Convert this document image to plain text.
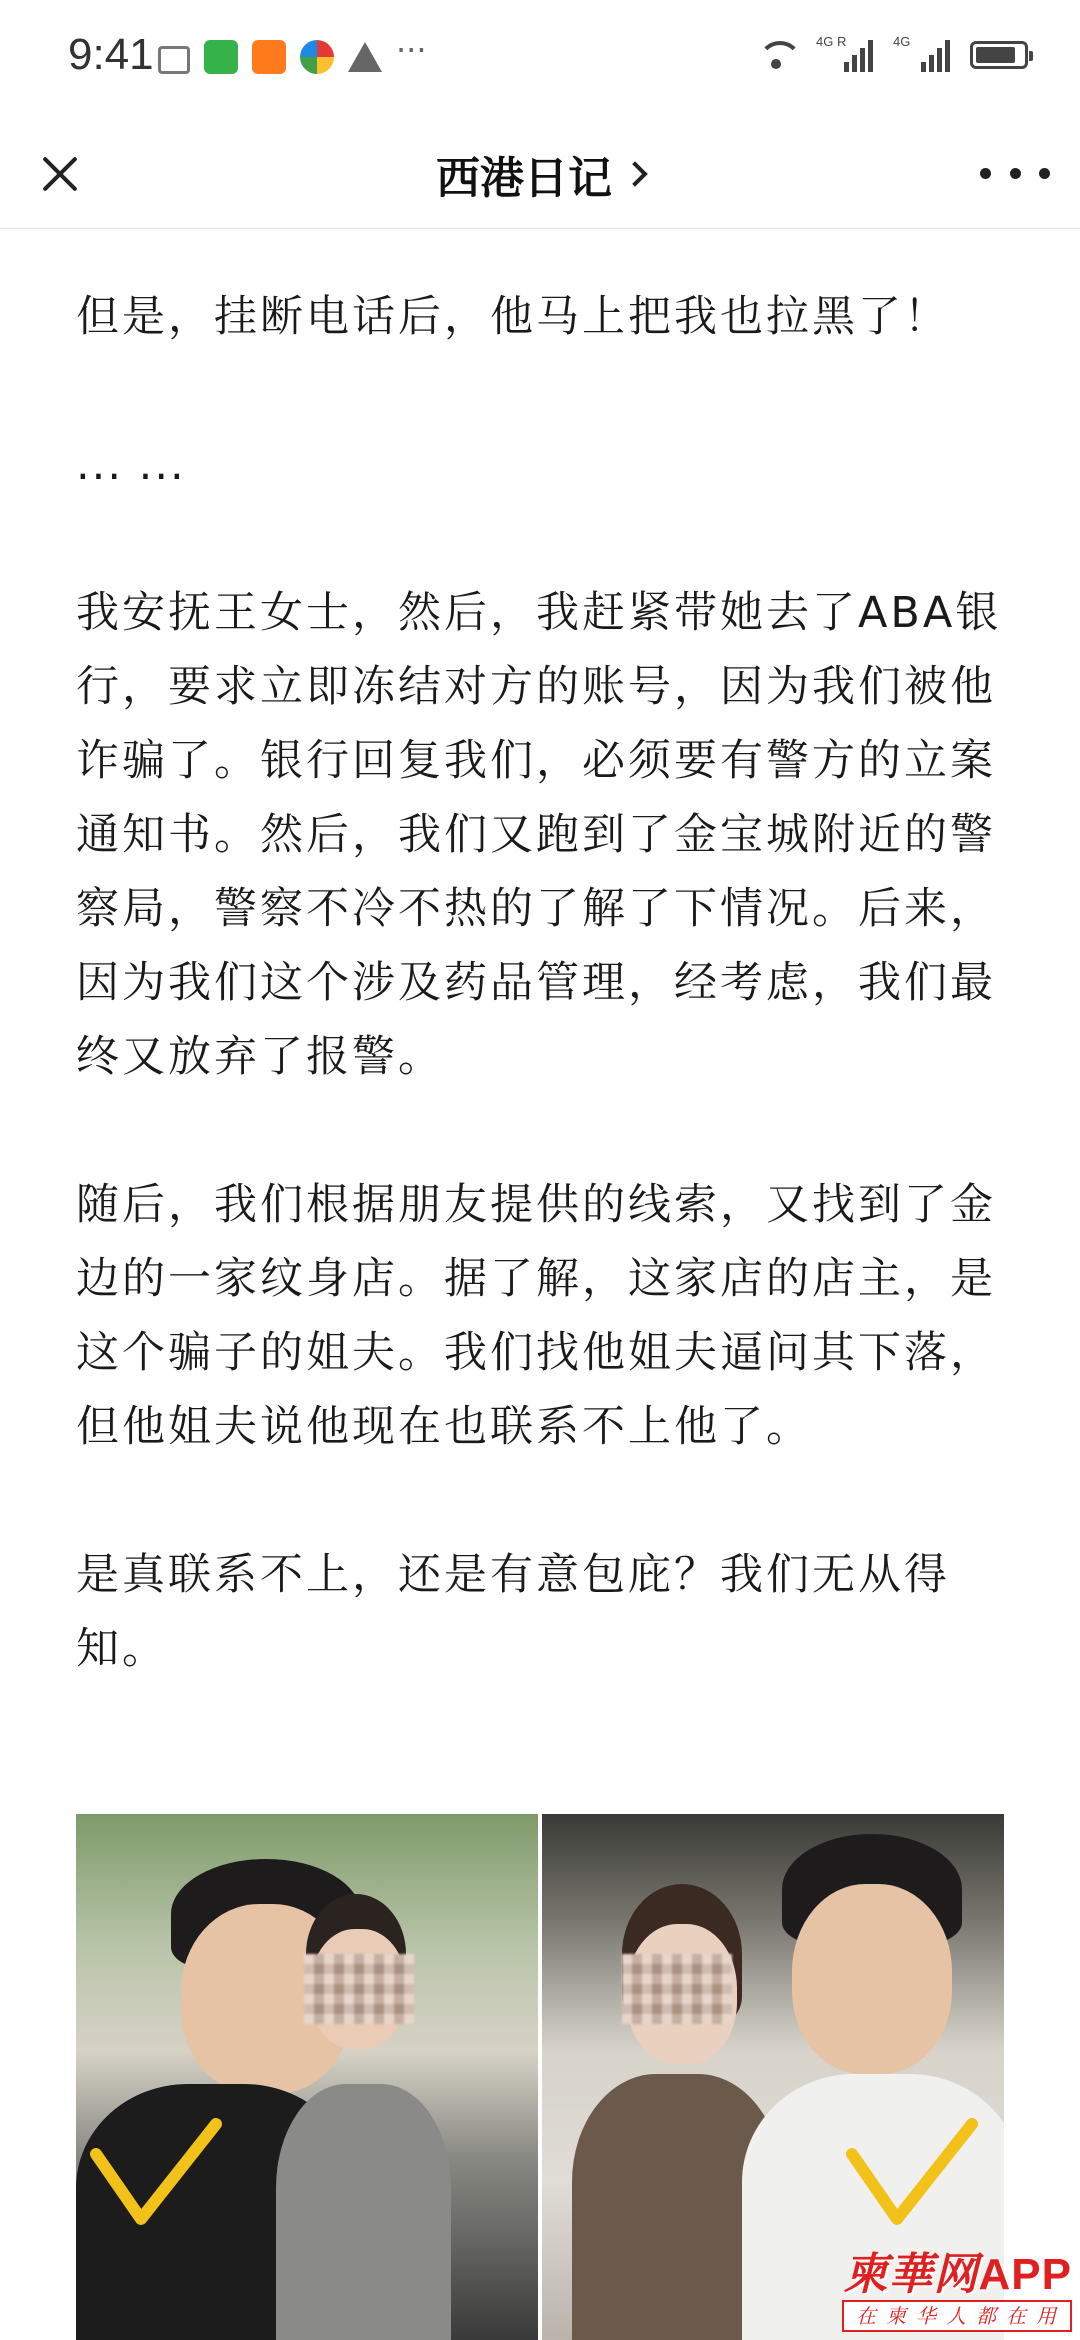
9:41	···	4G R	4G
西港日记

但是，挂断电话后，他马上把我也拉黑了！

... ...

我安抚王女士，然后，我赶紧带她去了ABA银行，要求立即冻结对方的账号，因为我们被他诈骗了。银行回复我们，必须要有警方的立案通知书。然后，我们又跑到了金宝城附近的警察局，警察不冷不热的了解了下情况。后来，因为我们这个涉及药品管理，经考虑，我们最终又放弃了报警。

随后，我们根据朋友提供的线索，又找到了金边的一家纹身店。据了解，这家店的店主，是这个骗子的姐夫。我们找他姐夫逼问其下落，但他姐夫说他现在也联系不上他了。

是真联系不上，还是有意包庇？我们无从得知。

柬華网APP
在柬华人都在用
